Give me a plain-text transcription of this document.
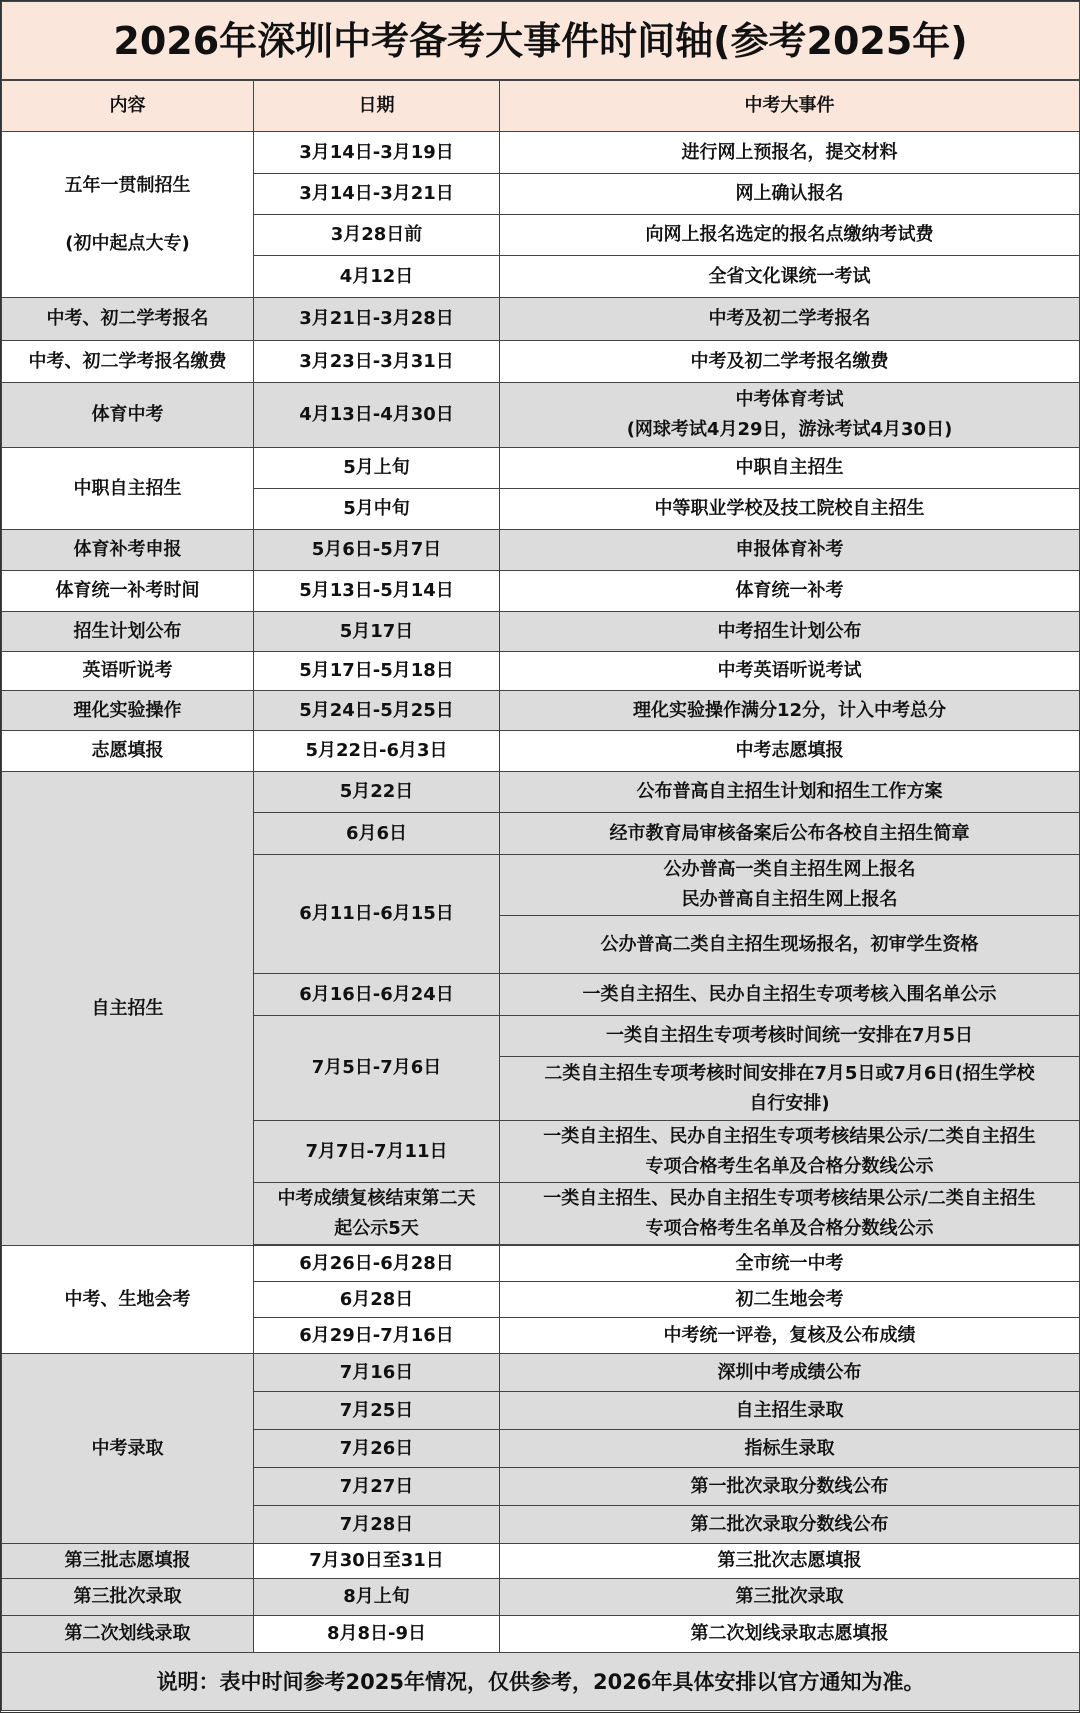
2026年深圳中考备考大事件时间轴(参考2025年)		
内容	日期	中考大事件

五年一贯制招生
(初中起点大专)	3月14日-3月19日	进行网上预报名，提交材料
	3月14日-3月21日	网上确认报名
	3月28日前	向网上报名选定的报名点缴纳考试费
	4月12日	全省文化课统一考试
中考、初二学考报名	3月21日-3月28日	中考及初二学考报名
中考、初二学考报名缴费	3月23日-3月31日	中考及初二学考报名缴费
体育中考	4月13日-4月30日	中考体育考试
(网球考试4月29日，游泳考试4月30日)

中职自主招生	5月上旬	中职自主招生
	5月中旬	中等职业学校及技工院校自主招生
体育补考申报	5月6日-5月7日	申报体育补考
体育统一补考时间	5月13日-5月14日	体育统一补考
招生计划公布	5月17日	中考招生计划公布
英语听说考	5月17日-5月18日	中考英语听说考试
理化实验操作	5月24日-5月25日	理化实验操作满分12分，计入中考总分
志愿填报	5月22日-6月3日	中考志愿填报
自主招生	5月22日	公布普高自主招生计划和招生工作方案
	6月6日	经市教育局审核备案后公布各校自主招生简章
	6月11日-6月15日	公办普高一类自主招生网上报名
民办普高自主招生网上报名

		公办普高二类自主招生现场报名，初审学生资格
	6月16日-6月24日	一类自主招生、民办自主招生专项考核入围名单公示
	7月5日-7月6日	一类自主招生专项考核时间统一安排在7月5日

		二类自主招生专项考核时间安排在7月5日或7月6日(招生学校
自行安排)

	7月7日-7月11日	一类自主招生、民办自主招生专项考核结果公示/二类自主招生
专项合格考生名单及合格分数线公示

	中考成绩复核结束第二天
起公示5天	一类自主招生、民办自主招生专项考核结果公示/二类自主招生
专项合格考生名单及合格分数线公示

中考、生地会考	6月26日-6月28日	全市统一中考
	6月28日	初二生地会考
	6月29日-7月16日	中考统一评卷，复核及公布成绩
中考录取	7月16日	深圳中考成绩公布
	7月25日	自主招生录取
	7月26日	指标生录取
	7月27日	第一批次录取分数线公布
	7月28日	第二批次录取分数线公布
第三批志愿填报	7月30日至31日	第三批次志愿填报
第三批次录取	8月上旬	第三批次录取
第二次划线录取	8月8日-9日	第二次划线录取志愿填报
说明：表中时间参考2025年情况，仅供参考，2026年具体安排以官方通知为准。		
